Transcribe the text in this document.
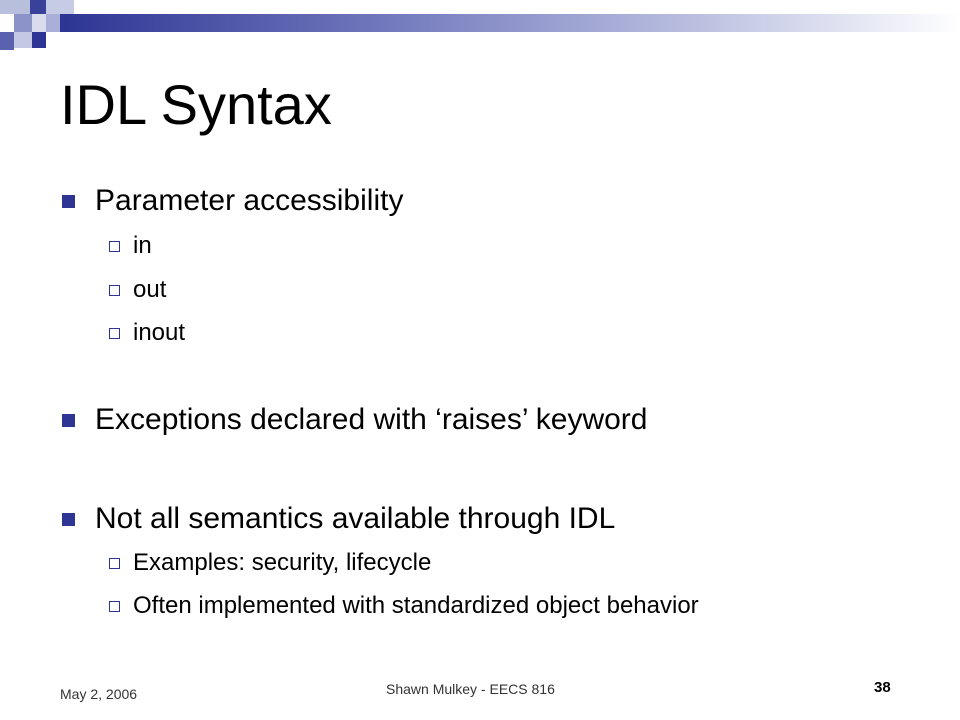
IDL Syntax
Parameter accessibility
in
out
inout
Exceptions declared with ‘raises’ keyword
Not all semantics available through IDL
Examples: security, lifecycle
Often implemented with standardized object behavior
May 2, 2006	Shawn Mulkey - EECS 816	38
